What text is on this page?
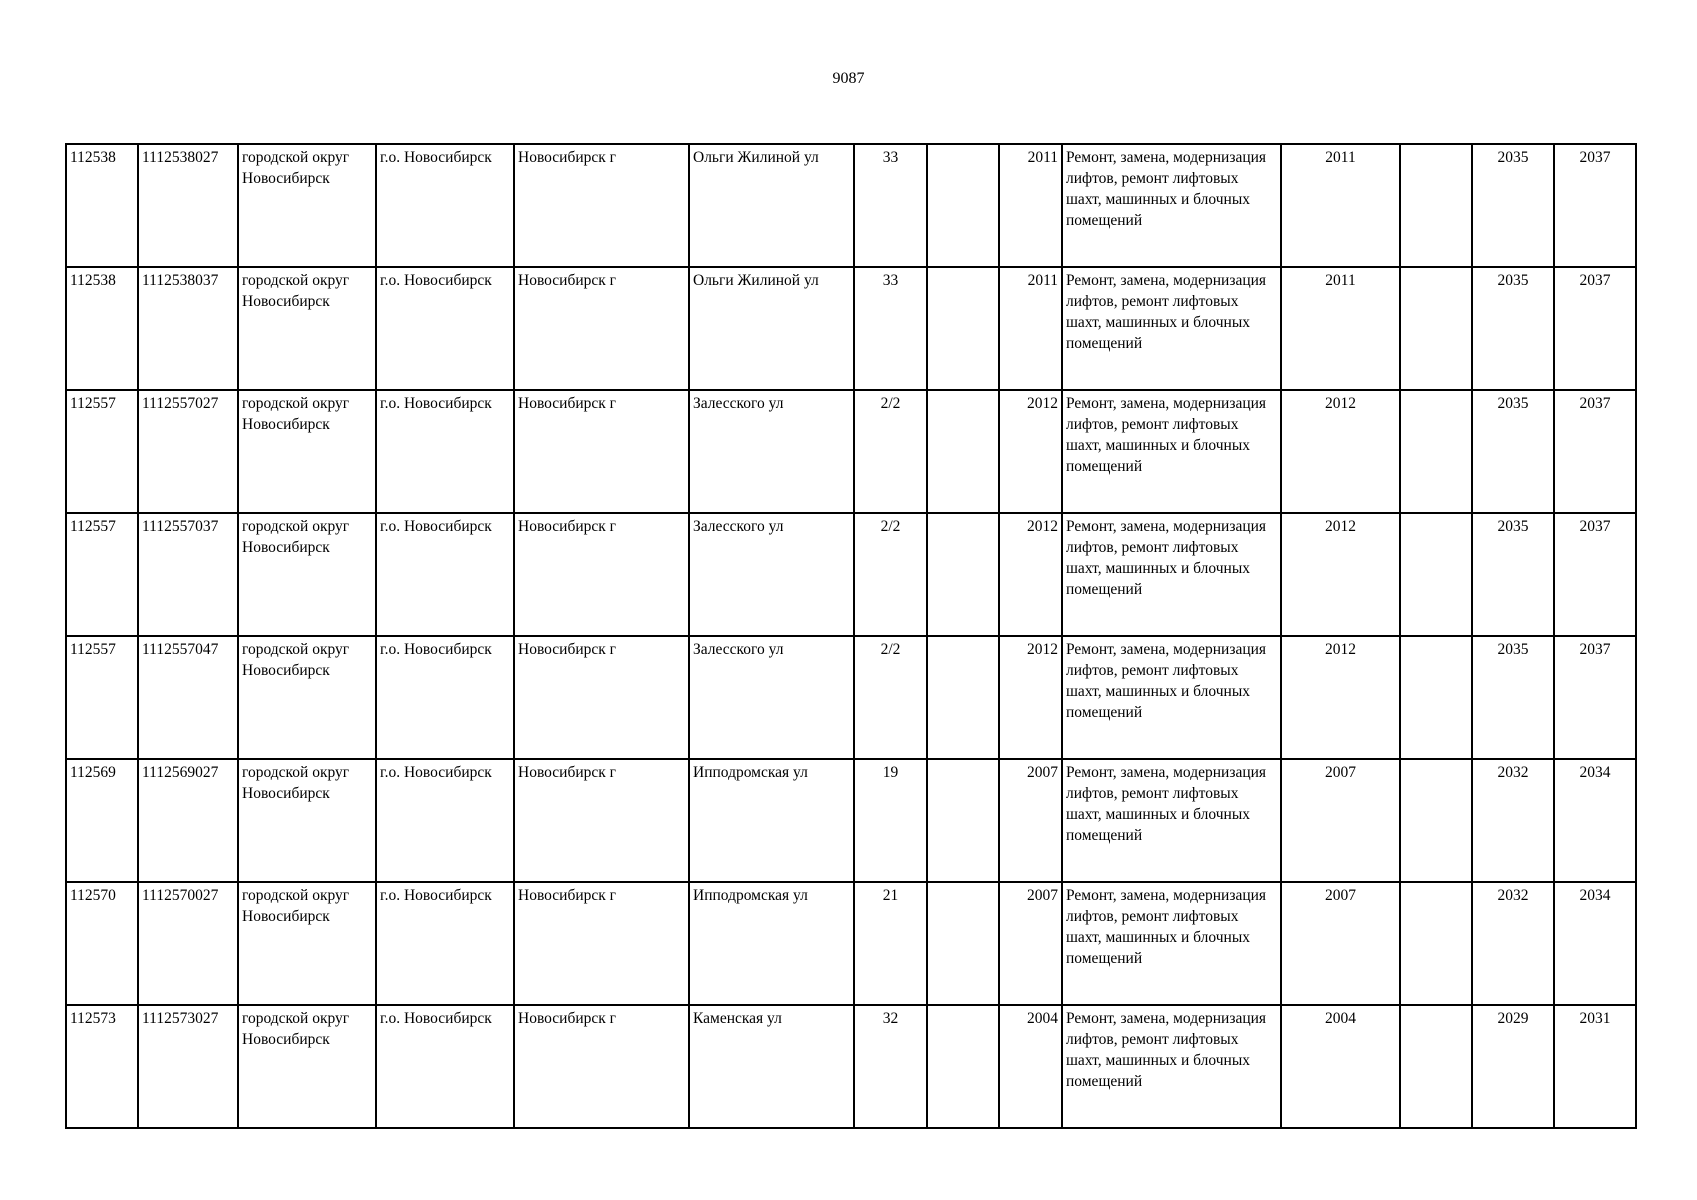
9087
112538	1112538027	городской округ Новосибирск	г.о. Новосибирск	Новосибирск г	Ольги Жилиной ул	33		2011	Ремонт, замена, модернизация лифтов, ремонт лифтовых шахт, машинных и блочных помещений	2011		2035	2037
112538	1112538037	городской округ Новосибирск	г.о. Новосибирск	Новосибирск г	Ольги Жилиной ул	33		2011	Ремонт, замена, модернизация лифтов, ремонт лифтовых шахт, машинных и блочных помещений	2011		2035	2037
112557	1112557027	городской округ Новосибирск	г.о. Новосибирск	Новосибирск г	Залесского ул	2/2		2012	Ремонт, замена, модернизация лифтов, ремонт лифтовых шахт, машинных и блочных помещений	2012		2035	2037
112557	1112557037	городской округ Новосибирск	г.о. Новосибирск	Новосибирск г	Залесского ул	2/2		2012	Ремонт, замена, модернизация лифтов, ремонт лифтовых шахт, машинных и блочных помещений	2012		2035	2037
112557	1112557047	городской округ Новосибирск	г.о. Новосибирск	Новосибирск г	Залесского ул	2/2		2012	Ремонт, замена, модернизация лифтов, ремонт лифтовых шахт, машинных и блочных помещений	2012		2035	2037
112569	1112569027	городской округ Новосибирск	г.о. Новосибирск	Новосибирск г	Ипподромская ул	19		2007	Ремонт, замена, модернизация лифтов, ремонт лифтовых шахт, машинных и блочных помещений	2007		2032	2034
112570	1112570027	городской округ Новосибирск	г.о. Новосибирск	Новосибирск г	Ипподромская ул	21		2007	Ремонт, замена, модернизация лифтов, ремонт лифтовых шахт, машинных и блочных помещений	2007		2032	2034
112573	1112573027	городской округ Новосибирск	г.о. Новосибирск	Новосибирск г	Каменская ул	32		2004	Ремонт, замена, модернизация лифтов, ремонт лифтовых шахт, машинных и блочных помещений	2004		2029	2031
